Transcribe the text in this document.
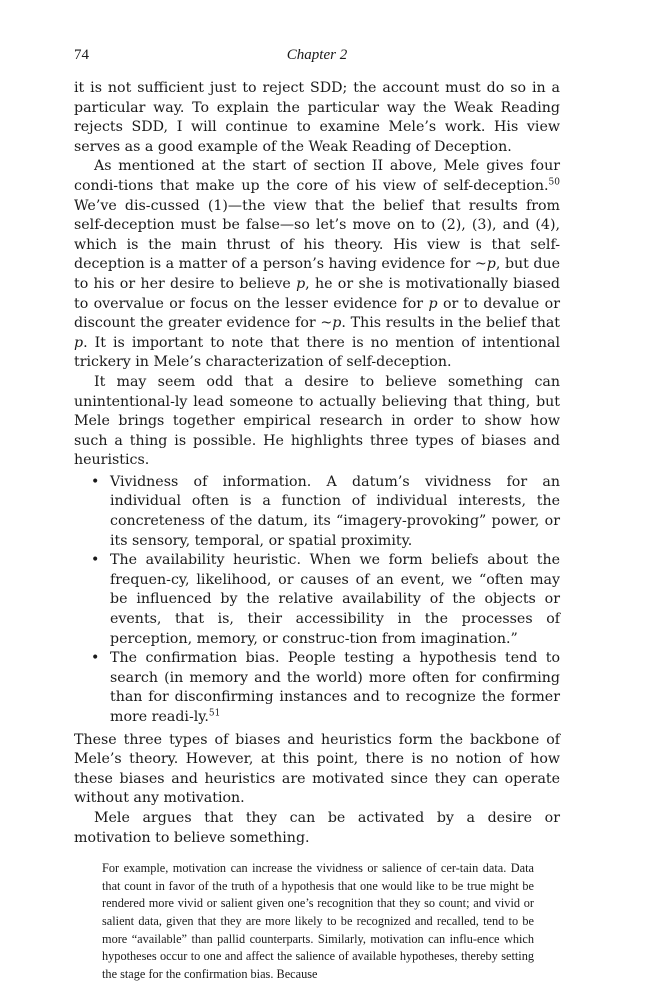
74	Chapter 2

it is not sufficient just to reject SDD; the account must do so in a particular way. To explain the particular way the Weak Reading rejects SDD, I will continue to examine Mele’s work. His view serves as a good example of the Weak Reading of Deception.

As mentioned at the start of section II above, Mele gives four condi-tions that make up the core of his view of self-deception.$^{50}$ We’ve dis-cussed (1)—the view that the belief that results from self-deception must be false—so let’s move on to (2), (3), and (4), which is the main thrust of his theory. His view is that self-deception is a matter of a person’s having evidence for ~p, but due to his or her desire to believe p, he or she is motivationally biased to overvalue or focus on the lesser evidence for p or to devalue or discount the greater evidence for ~p. This results in the belief that p. It is important to note that there is no mention of intentional trickery in Mele’s characterization of self-deception.

It may seem odd that a desire to believe something can unintentional-ly lead someone to actually believing that thing, but Mele brings together empirical research in order to show how such a thing is possible. He highlights three types of biases and heuristics.

• Vividness of information. A datum’s vividness for an individual often is a function of individual interests, the concreteness of the datum, its “imagery-provoking” power, or its sensory, temporal, or spatial proximity.
• The availability heuristic. When we form beliefs about the frequen-cy, likelihood, or causes of an event, we “often may be influenced by the relative availability of the objects or events, that is, their accessibility in the processes of perception, memory, or construc-tion from imagination.”
• The confirmation bias. People testing a hypothesis tend to search (in memory and the world) more often for confirming than for disconfirming instances and to recognize the former more readi-ly.$^{51}$

These three types of biases and heuristics form the backbone of Mele’s theory. However, at this point, there is no notion of how these biases and heuristics are motivated since they can operate without any motivation.

Mele argues that they can be activated by a desire or motivation to believe something.

For example, motivation can increase the vividness or salience of cer-tain data. Data that count in favor of the truth of a hypothesis that one would like to be true might be rendered more vivid or salient given one’s recognition that they so count; and vivid or salient data, given that they are more likely to be recognized and recalled, tend to be more “available” than pallid counterparts. Similarly, motivation can influ-ence which hypotheses occur to one and affect the salience of available hypotheses, thereby setting the stage for the confirmation bias. Because
